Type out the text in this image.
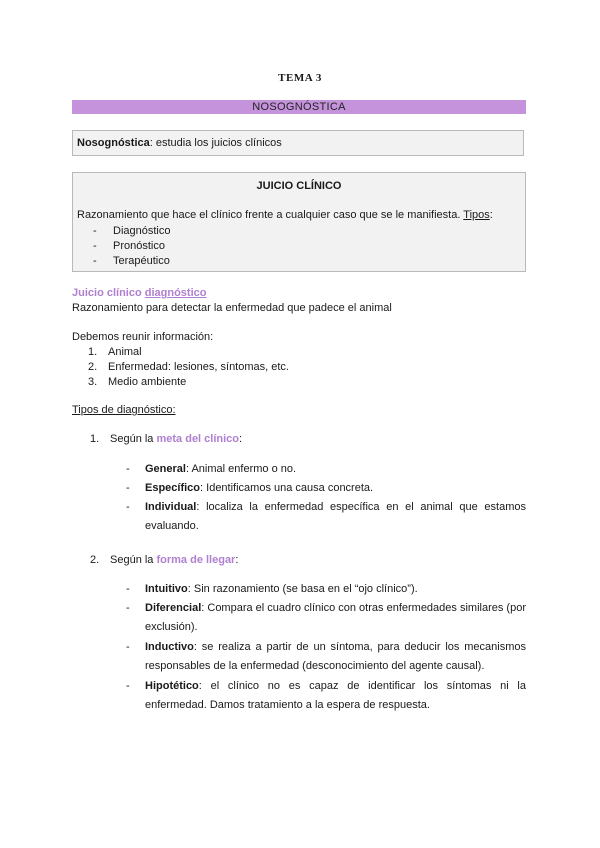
TEMA 3
NOSOGNÓSTICA
Nosognóstica: estudia los juicios clínicos
JUICIO CLÍNICO
Razonamiento que hace el clínico frente a cualquier caso que se le manifiesta. Tipos:
- Diagnóstico
- Pronóstico
- Terapéutico
Juicio clínico diagnóstico
Razonamiento para detectar la enfermedad que padece el animal
Debemos reunir información:
1. Animal
2. Enfermedad: lesiones, síntomas, etc.
3. Medio ambiente
Tipos de diagnóstico:
1. Según la meta del clínico:
- General: Animal enfermo o no.
- Específico: Identificamos una causa concreta.
- Individual: localiza la enfermedad específica en el animal que estamos evaluando.
2. Según la forma de llegar:
- Intuitivo: Sin razonamiento (se basa en el “ojo clínico”).
- Diferencial: Compara el cuadro clínico con otras enfermedades similares (por exclusión).
- Inductivo: se realiza a partir de un síntoma, para deducir los mecanismos responsables de la enfermedad (desconocimiento del agente causal).
- Hipotético: el clínico no es capaz de identificar los síntomas ni la enfermedad. Damos tratamiento a la espera de respuesta.
